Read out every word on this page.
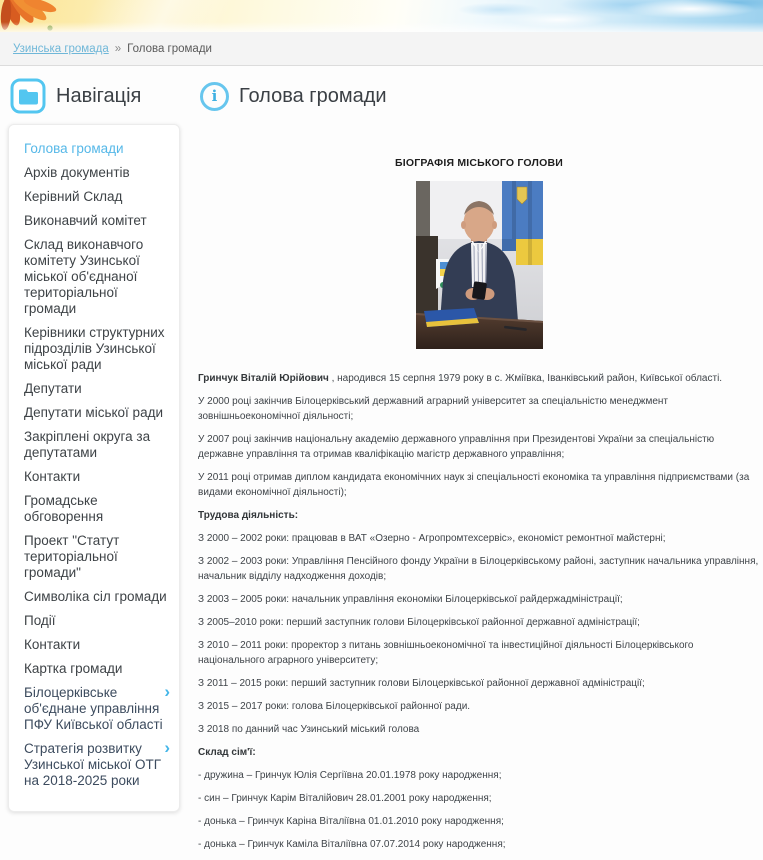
Узинська громада » Голова громади
Навігація
Голова громади
Архів документів
Керівний Склад
Виконавчий комітет
Склад виконавчого комітету Узинської міської об'єднаної територіальної громади
Керівники структурних підрозділів Узинської міської ради
Депутати
Депутати міської ради
Закріплені округа за депутатами
Контакти
Громадське обговорення
Проект "Статут територіальної громади"
Символіка сіл громади
Події
Контакти
Картка громади
Білоцерківське об'єднане управління ПФУ Київської області
›
Стратегія розвитку Узинської міської ОТГ на 2018-2025 роки
›
i	Голова громади
БІОГРАФІЯ МІСЬКОГО ГОЛОВИ

Гринчук Віталій Юрійович , народився 15 серпня 1979 року в с. Жміївка, Іванківський район, Київської області.

У 2000 році закінчив Білоцерківський державний аграрний університет за спеціальністю менеджмент зовнішньоекономічної діяльності;

У 2007 році закінчив національну академію державного управління при Президентові України за спеціальністю державне управління та отримав кваліфікацію магістр державного управління;

У 2011 році отримав диплом кандидата економічних наук зі спеціальності економіка та управління підприємствами (за видами економічної діяльності);

Трудова діяльність:

З 2000 – 2002 роки: працював в ВАТ «Озерно - Агропромтехсервіс», економіст ремонтної майстерні;

З 2002 – 2003 роки: Управління Пенсійного фонду України в Білоцерківському районі, заступник начальника управління, начальник відділу надходження доходів;

З 2003 – 2005 роки: начальник управління економіки Білоцерківської райдержадміністрації;

З 2005–2010 роки: перший заступник голови Білоцерківської районної державної адміністрації;

З 2010 – 2011 роки: проректор з питань зовнішньоекономічної та інвестиційної діяльності Білоцерківського національного аграрного університету;

З 2011 – 2015 роки: перший заступник голови Білоцерківської районної державної адміністрації;

З 2015 – 2017 роки: голова Білоцерківської районної ради.

З 2018 по данний час Узинський міський голова

Склад сім'ї:

- дружина – Гринчук Юлія Сергіївна 20.01.1978 року народження;

- син – Гринчук Карім Віталійович 28.01.2001 року народження;

- донька – Гринчук Каріна Віталіївна 01.01.2010 року народження;

- донька – Гринчук Каміла Віталіївна 07.07.2014 року народження;
